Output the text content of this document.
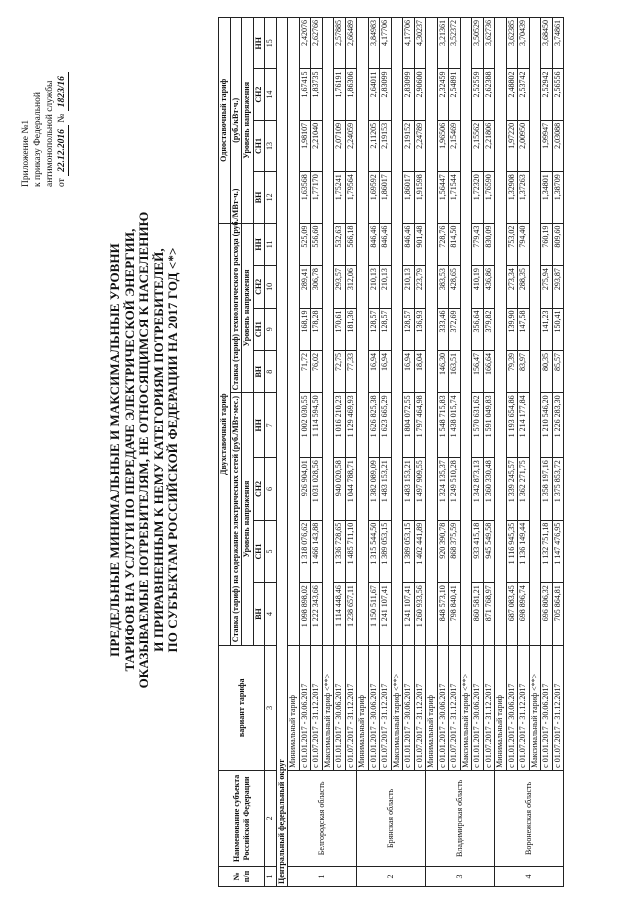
Приложение №1 к приказу Федеральной антимонопольной службы от 22.12.2016 № 1823/16
ПРЕДЕЛЬНЫЕ МИНИМАЛЬНЫЕ И МАКСИМАЛЬНЫЕ УРОВНИ ТАРИФОВ НА УСЛУГИ ПО ПЕРЕДАЧЕ ЭЛЕКТРИЧЕСКОЙ ЭНЕРГИИ, ОКАЗЫВАЕМЫЕ ПОТРЕБИТЕЛЯМ, НЕ ОТНОСЯЩИМСЯ К НАСЕЛЕНИЮ И ПРИРАВНЕННЫМ К НЕМУ КАТЕГОРИЯМ ПОТРЕБИТЕЛЕЙ, ПО СУБЪЕКТАМ РОССИЙСКОЙ ФЕДЕРАЦИИ НА 2017 ГОД <*>
№
п/п	Наименование субъекта Российской Федерации	вариант тарифа	Двухставочный тариф								Одноставочный тариф			
			Ставка (тариф) на содержание электрических сетей (руб./МВт·мес.)				Ставка (тариф) технологического расхода (руб./МВт·ч.)				(руб./кВт·ч.)			
			Уровень напряжения				Уровень напряжения				Уровень напряжения			
			ВН	СН1	СН2	НН	ВН	СН1	СН2	НН	ВН	СН1	СН2	НН
1	2	3	4	5	6	7	8	9	10	11	12	13	14	15
Центральный федеральный округ														
1	Белгородская область	Минимальный тариф												
		с 01.01.2017 - 30.06.2017	1 098 898,02	1 318 076,62	926 904,01	1 002 030,55	71,72	168,19	289,41	525,09	1,63568	1,98107	1,67415	2,42076
		с 01.07.2017 - 31.12.2017	1 222 343,66	1 466 143,88	1 031 028,56	1 114 594,50	76,02	178,28	306,78	556,60	1,77170	2,21040	1,83735	2,62766
		Максимальный тариф <**>												
		с 01.01.2017 - 30.06.2017	1 114 448,46	1 336 728,65	940 020,58	1 016 210,23	72,75	170,61	293,57	532,63	1,75241	2,07109	1,76191	2,57885
		с 01.07.2017 - 31.12.2017	1 238 657,11	1 485 711,10	1 044 788,71	1 129 469,93	77,33	181,36	312,06	566,18	1,79564	2,24059	1,86306	2,66489
2	Брянская область	Минимальный тариф												
		с 01.01.2017 - 30.06.2017	1 150 511,67	1 315 544,50	1 382 089,09	1 626 825,38	16,94	128,57	210,13	846,46	1,69592	2,11205	2,64011	3,84983
		с 01.07.2017 - 31.12.2017	1 241 107,41	1 389 053,15	1 483 153,21	1 623 665,29	16,94	128,57	210,13	846,46	1,86017	2,19153	2,83099	4,17706
		Максимальный тариф <**>												
		с 01.01.2017 - 30.06.2017	1 241 107,41	1 389 053,15	1 483 153,21	1 804 072,55	16,94	128,57	210,13	846,46	1,86017	2,19152	2,83099	4,17706
		с 01.07.2017 - 31.12.2017	1 260 933,56	1 402 441,89	1 497 909,55	1 797 464,98	18,04	136,93	223,79	901,48	1,91598	2,24789	2,90600	4,30237
3	Владимирская область	Минимальный тариф												
		с 01.01.2017 - 30.06.2017	848 573,10	920 390,78	1 324 135,37	1 548 715,83	146,30	333,46	383,53	728,76	1,56447	1,96506	2,32459	3,21361
		с 01.07.2017 - 31.12.2017	798 840,41	868 375,59	1 249 510,28	1 438 015,74	163,51	372,69	428,65	814,50	1,71544	2,15469	2,54891	3,52372
		Максимальный тариф <**>												
		с 01.01.2017 - 30.06.2017	860 581,21	933 415,18	1 342 873,13	1 570 631,62	156,47	356,64	410,19	779,43	1,72320	2,15562	2,52559	3,50529
		с 01.07.2017 - 31.12.2017	871 768,97	945 549,58	1 360 330,48	1 591 049,83	166,64	379,82	436,86	830,09	1,76590	2,21806	2,62388	3,62736
4	Воронежская область	Минимальный тариф												
		с 01.01.2017 - 30.06.2017	687 083,45	1 116 945,35	1 339 245,57	1 193 654,86	79,39	139,90	273,34	753,02	1,32908	1,97220	2,48802	3,62385
		с 01.07.2017 - 31.12.2017	698 896,74	1 136 149,44	1 362 271,75	1 214 177,84	83,97	147,58	288,35	794,40	1,37263	2,00950	2,53742	3,70439
		Максимальный тариф <**>												
		с 01.01.2017 - 30.06.2017	696 806,32	1 132 751,18	1 358 197,16	1 210 546,20	80,35	141,23	275,94	760,19	1,34801	1,99947	2,52942	3,68450
		с 01.07.2017 - 31.12.2017	705 864,81	1 147 476,95	1 375 853,72	1 226 283,30	85,57	150,41	293,87	809,60	1,38709	2,03088	2,56556	3,74861
